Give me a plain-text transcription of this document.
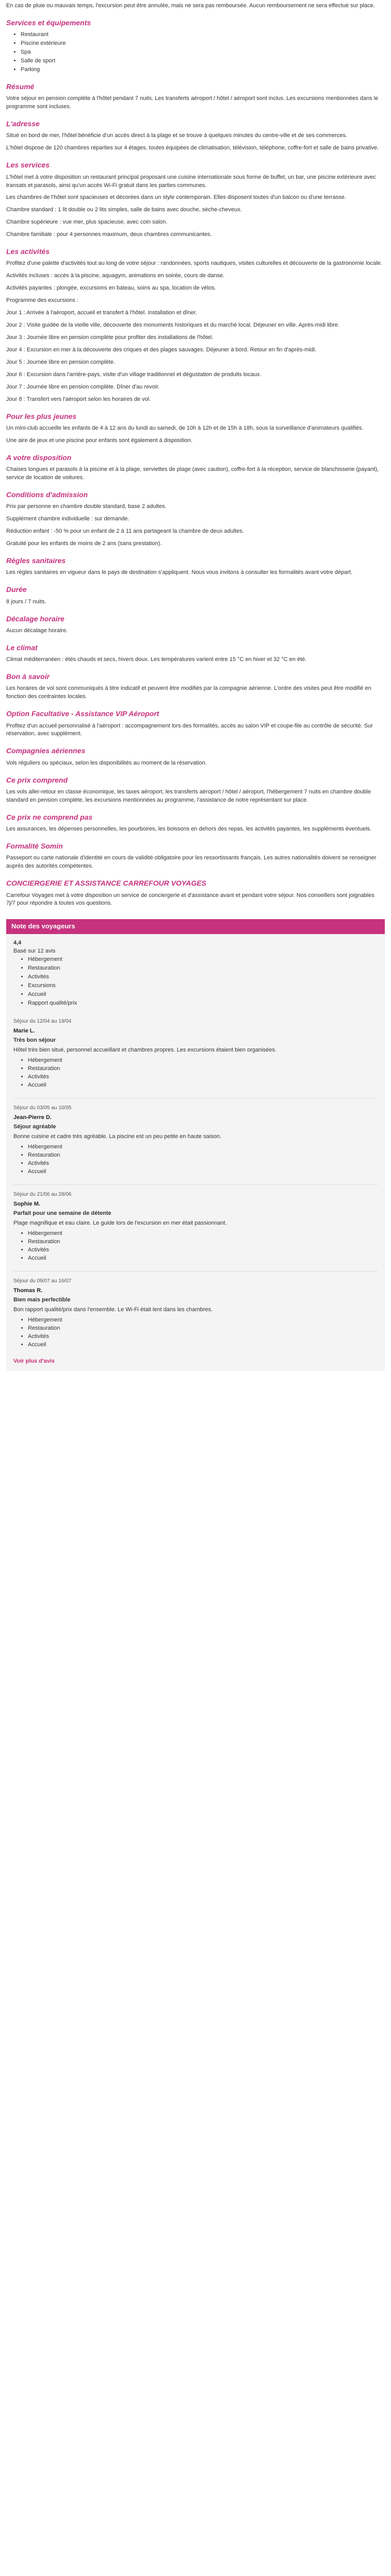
En cas de pluie ou mauvais temps, l'excursion peut être annulée, mais ne sera pas remboursée. Aucun remboursement ne sera effectué sur place.

Services et équipements
• Restaurant
• Piscine extérieure
• Spa
• Salle de sport
• Parking
Résumé

Votre séjour en pension complète à l'hôtel pendant 7 nuits. Les transferts aéroport / hôtel / aéroport sont inclus. Les excursions mentionnées dans le programme sont incluses.

L'adresse

Situé en bord de mer, l'hôtel bénéficie d'un accès direct à la plage et se trouve à quelques minutes du centre-ville et de ses commerces.

L'hôtel dispose de 120 chambres réparties sur 4 étages, toutes équipées de climatisation, télévision, téléphone, coffre-fort et salle de bains privative.

Les services

L'hôtel met à votre disposition un restaurant principal proposant une cuisine internationale sous forme de buffet, un bar, une piscine extérieure avec transats et parasols, ainsi qu'un accès Wi-Fi gratuit dans les parties communes.

Les chambres de l'hôtel sont spacieuses et décorées dans un style contemporain. Elles disposent toutes d'un balcon ou d'une terrasse.

Chambre standard : 1 lit double ou 2 lits simples, salle de bains avec douche, sèche-cheveux.

Chambre supérieure : vue mer, plus spacieuse, avec coin salon.

Chambre familiale : pour 4 personnes maximum, deux chambres communicantes.

Les activités

Profitez d'une palette d'activités tout au long de votre séjour : randonnées, sports nautiques, visites culturelles et découverte de la gastronomie locale.

Activités incluses : accès à la piscine, aquagym, animations en soirée, cours de danse.

Activités payantes : plongée, excursions en bateau, soins au spa, location de vélos.

Programme des excursions :

Jour 1 : Arrivée à l'aéroport, accueil et transfert à l'hôtel. Installation et dîner.

Jour 2 : Visite guidée de la vieille ville, découverte des monuments historiques et du marché local. Déjeuner en ville. Après-midi libre.

Jour 3 : Journée libre en pension complète pour profiter des installations de l'hôtel.

Jour 4 : Excursion en mer à la découverte des criques et des plages sauvages. Déjeuner à bord. Retour en fin d'après-midi.

Jour 5 : Journée libre en pension complète.

Jour 6 : Excursion dans l'arrière-pays, visite d'un village traditionnel et dégustation de produits locaux.

Jour 7 : Journée libre en pension complète. Dîner d'au revoir.

Jour 8 : Transfert vers l'aéroport selon les horaires de vol.

Pour les plus jeunes

Un mini-club accueille les enfants de 4 à 12 ans du lundi au samedi, de 10h à 12h et de 15h à 18h, sous la surveillance d'animateurs qualifiés.

Une aire de jeux et une piscine pour enfants sont également à disposition.

A votre disposition

Chaises longues et parasols à la piscine et à la plage, serviettes de plage (avec caution), coffre-fort à la réception, service de blanchisserie (payant), service de location de voitures.

Conditions d'admission

Prix par personne en chambre double standard, base 2 adultes.

Supplément chambre individuelle : sur demande.

Réduction enfant : -50 % pour un enfant de 2 à 11 ans partageant la chambre de deux adultes.

Gratuité pour les enfants de moins de 2 ans (sans prestation).

Règles sanitaires

Les règles sanitaires en vigueur dans le pays de destination s'appliquent. Nous vous invitons à consulter les formalités avant votre départ.

Durée

8 jours / 7 nuits.

Décalage horaire

Aucun décalage horaire.

Le climat

Climat méditerranéen : étés chauds et secs, hivers doux. Les températures varient entre 15 °C en hiver et 32 °C en été.

Bon à savoir

Les horaires de vol sont communiqués à titre indicatif et peuvent être modifiés par la compagnie aérienne. L'ordre des visites peut être modifié en fonction des contraintes locales.

Option Facultative - Assistance VIP Aéroport

Profitez d'un accueil personnalisé à l'aéroport : accompagnement lors des formalités, accès au salon VIP et coupe-file au contrôle de sécurité. Sur réservation, avec supplément.

Compagnies aériennes

Vols réguliers ou spéciaux, selon les disponibilités au moment de la réservation.

Ce prix comprend

Les vols aller-retour en classe économique, les taxes aéroport, les transferts aéroport / hôtel / aéroport, l'hébergement 7 nuits en chambre double standard en pension complète, les excursions mentionnées au programme, l'assistance de notre représentant sur place.

Ce prix ne comprend pas

Les assurances, les dépenses personnelles, les pourboires, les boissons en dehors des repas, les activités payantes, les suppléments éventuels.

Formalité Somin

Passeport ou carte nationale d'identité en cours de validité obligatoire pour les ressortissants français. Les autres nationalités doivent se renseigner auprès des autorités compétentes.

CONCIERGERIE ET ASSISTANCE CARREFOUR VOYAGES

Carrefour Voyages met à votre disposition un service de conciergerie et d'assistance avant et pendant votre séjour. Nos conseillers sont joignables 7j/7 pour répondre à toutes vos questions.

Note des voyageurs
4,4
Basé sur 12 avis
• Hébergement
• Restauration
• Activités
• Excursions
• Accueil
• Rapport qualité/prix
Séjour du 12/04 au 19/04
Marie L.
Très bon séjour
Hôtel très bien situé, personnel accueillant et chambres propres. Les excursions étaient bien organisées.
• Hébergement
• Restauration
• Activités
• Accueil
Séjour du 03/05 au 10/05
Jean-Pierre D.
Séjour agréable
Bonne cuisine et cadre très agréable. La piscine est un peu petite en haute saison.
• Hébergement
• Restauration
• Activités
• Accueil
Séjour du 21/06 au 28/06
Sophie M.
Parfait pour une semaine de détente
Plage magnifique et eau claire. Le guide lors de l'excursion en mer était passionnant.
• Hébergement
• Restauration
• Activités
• Accueil
Séjour du 09/07 au 16/07
Thomas R.
Bien mais perfectible
Bon rapport qualité/prix dans l'ensemble. Le Wi-Fi était lent dans les chambres.
• Hébergement
• Restauration
• Activités
• Accueil
Voir plus d'avis
